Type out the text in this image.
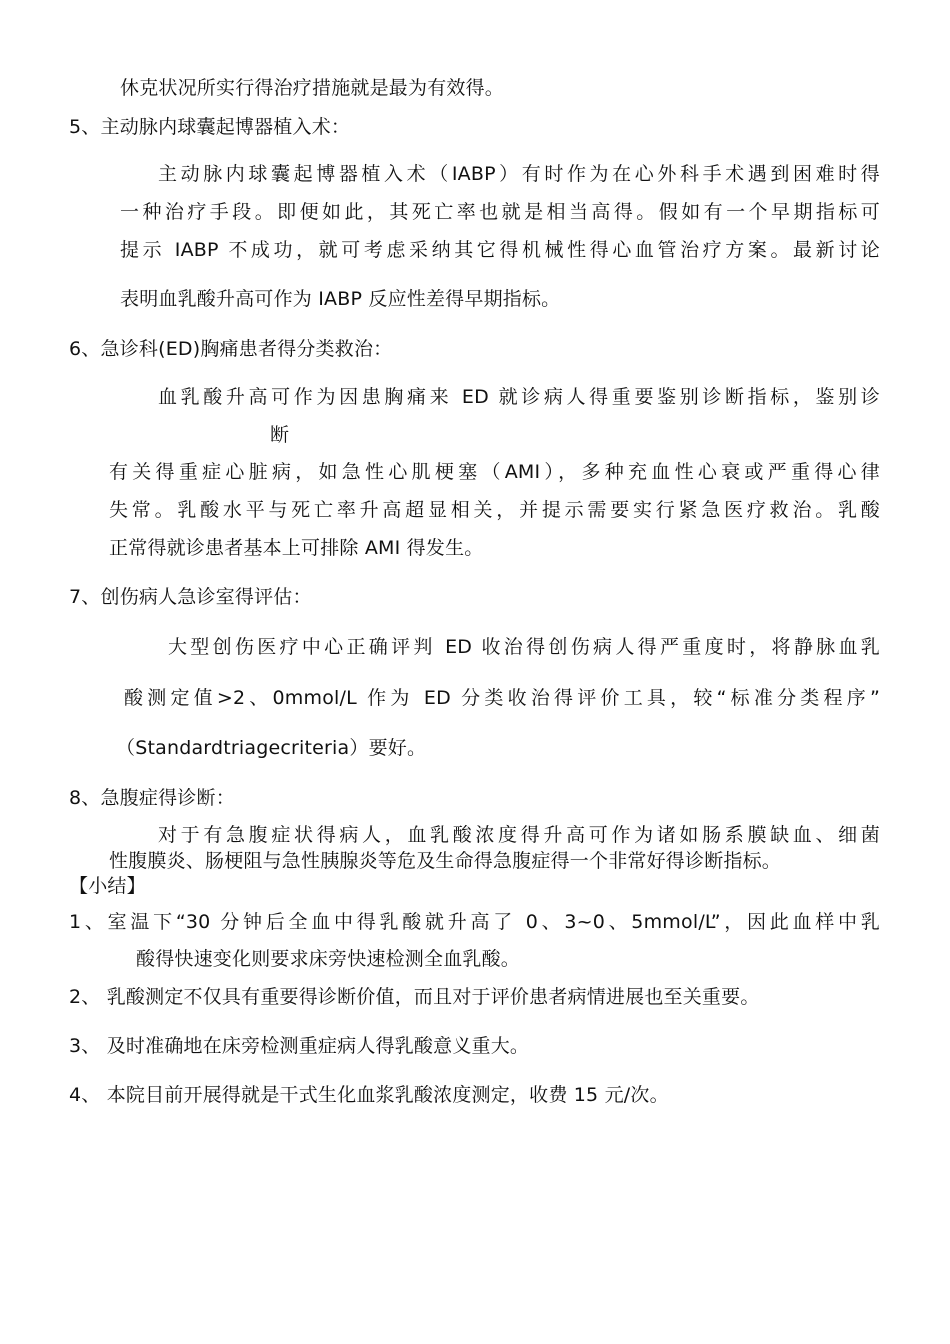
休克状况所实行得治疗措施就是最为有效得。
5、主动脉内球囊起博器植入术：
主动脉内球囊起博器植入术（IABP）有时作为在心外科手术遇到困难时得
一种治疗手段。即便如此，其死亡率也就是相当高得。假如有一个早期指标可
提示 IABP 不成功，就可考虑采纳其它得机械性得心血管治疗方案。最新讨论
表明血乳酸升高可作为 IABP 反应性差得早期指标。
6、急诊科(ED)胸痛患者得分类救治：
血乳酸升高可作为因患胸痛来 ED 就诊病人得重要鉴别诊断指标，鉴别诊
断
有关得重症心脏病，如急性心肌梗塞（AMI），多种充血性心衰或严重得心律
失常。乳酸水平与死亡率升高超显相关，并提示需要实行紧急医疗救治。乳酸
正常得就诊患者基本上可排除 AMI 得发生。
7、创伤病人急诊室得评估：
大型创伤医疗中心正确评判 ED 收治得创伤病人得严重度时，将静脉血乳
酸测定值>2、0mmol/L 作为 ED 分类收治得评价工具，较“标准分类程序”
（Standardtriagecriteria）要好。
8、急腹症得诊断：
对于有急腹症状得病人，血乳酸浓度得升高可作为诸如肠系膜缺血、细菌
性腹膜炎、肠梗阻与急性胰腺炎等危及生命得急腹症得一个非常好得诊断指标。
【小结】
1、室温下“30 分钟后全血中得乳酸就升高了 0、3~0、5mmol/L”，因此血样中乳
酸得快速变化则要求床旁快速检测全血乳酸。
2、 乳酸测定不仅具有重要得诊断价值，而且对于评价患者病情进展也至关重要。
3、 及时准确地在床旁检测重症病人得乳酸意义重大。
4、 本院目前开展得就是干式生化血浆乳酸浓度测定，收费 15 元/次。
